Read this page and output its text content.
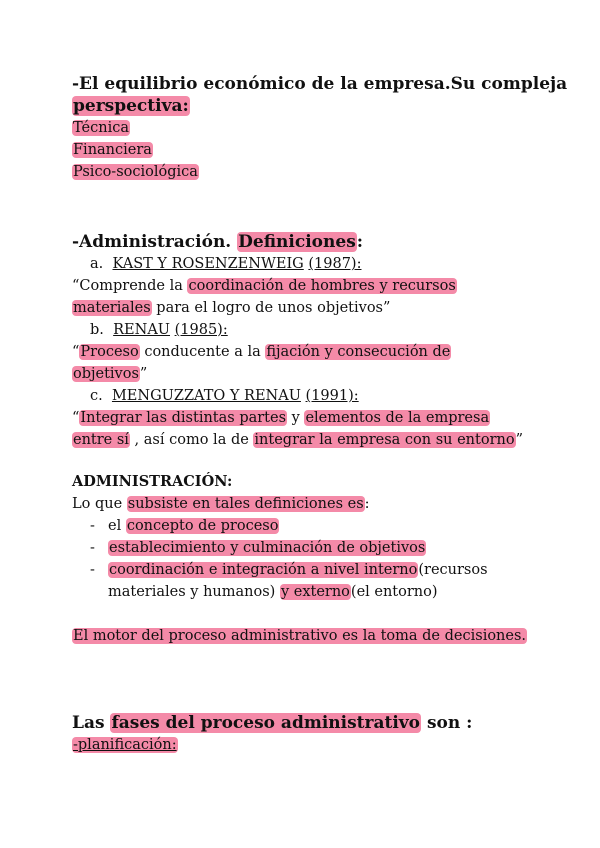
-El equilibrio económico de la empresa.Su compleja
perspectiva:
Técnica
Financiera
Psico-sociológica
-Administración. Definiciones:
a. KAST Y ROSENZENWEIG (1987):
“Comprende la coordinación de hombres y recursos
materiales para el logro de unos objetivos”
b. RENAU (1985):
“Proceso conducente a la fijación y consecución de
objetivos”
c. MENGUZZATO Y RENAU (1991):
“Integrar las distintas partes y elementos de la empresa
entre sí , así como la de integrar la empresa con su entorno”
ADMINISTRACIÓN:
Lo que subsiste en tales definiciones es:
- el concepto de proceso
- establecimiento y culminación de objetivos
- coordinación e integración a nivel interno(recursos
materiales y humanos) y externo(el entorno)
El motor del proceso administrativo es la toma de decisiones.
Las fases del proceso administrativo son :
-planificación:
